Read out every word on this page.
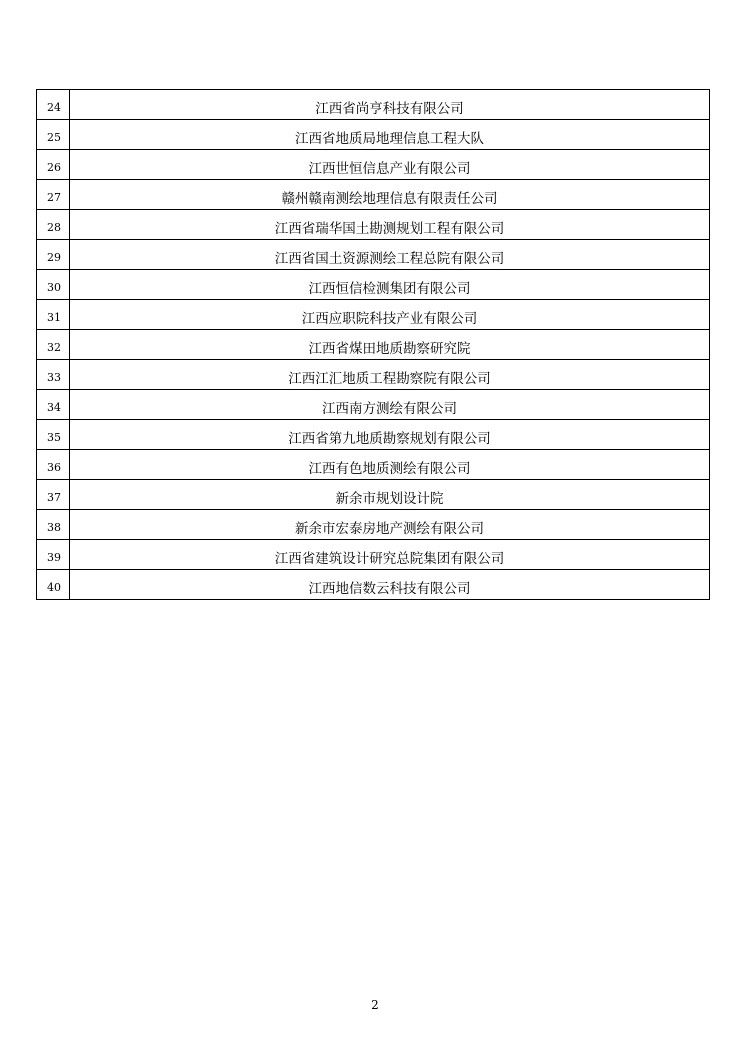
24	江西省尚亨科技有限公司
25	江西省地质局地理信息工程大队
26	江西世恒信息产业有限公司
27	赣州赣南测绘地理信息有限责任公司
28	江西省瑞华国土勘测规划工程有限公司
29	江西省国土资源测绘工程总院有限公司
30	江西恒信检测集团有限公司
31	江西应职院科技产业有限公司
32	江西省煤田地质勘察研究院
33	江西江汇地质工程勘察院有限公司
34	江西南方测绘有限公司
35	江西省第九地质勘察规划有限公司
36	江西有色地质测绘有限公司
37	新余市规划设计院
38	新余市宏泰房地产测绘有限公司
39	江西省建筑设计研究总院集团有限公司
40	江西地信数云科技有限公司
2
